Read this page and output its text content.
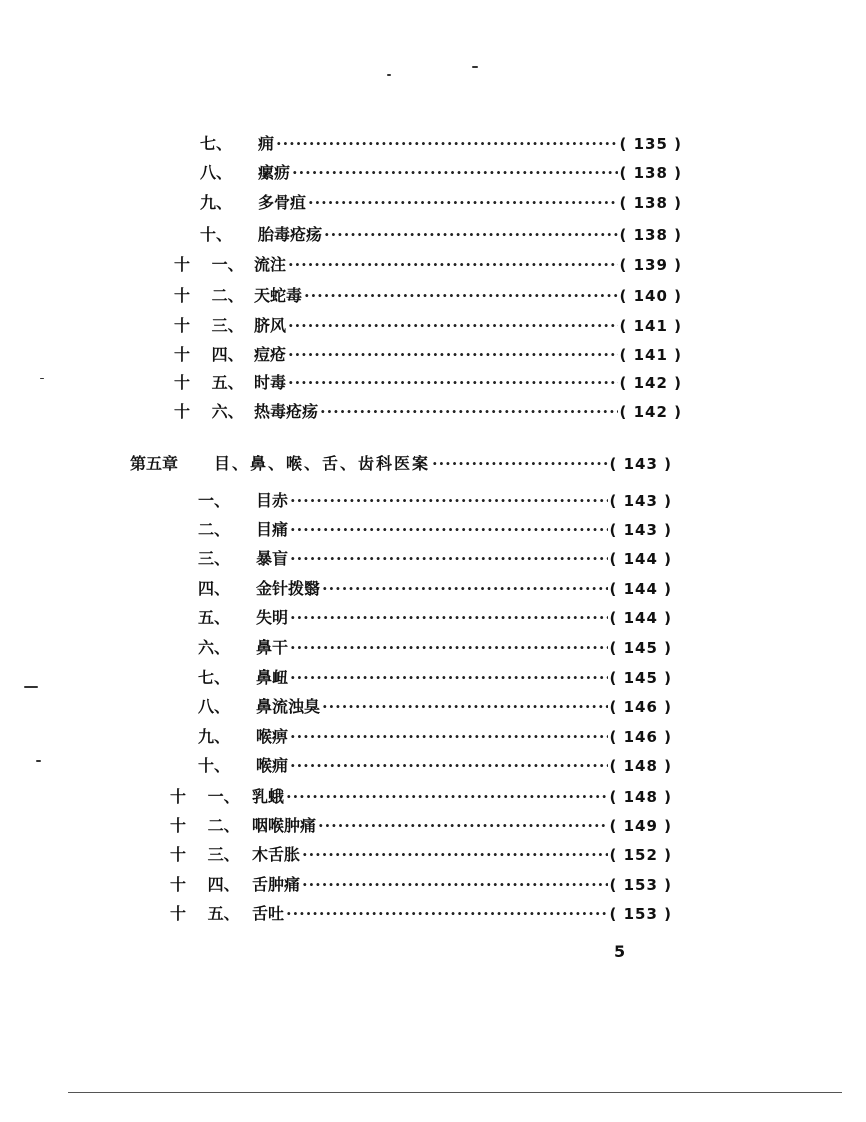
七、	痈 ·····	( 135 )
八、	瘰疬 ·····	( 138 )
九、	多骨疽 ·····	( 138 )
十、	胎毒疮疡 ·····	( 138 )
十 一、 流注 ·····	( 139 )
十 二、 天蛇毒 ·····	( 140 )
十 三、 脐风 ·····	( 141 )
十 四、 痘疮 ·····	( 141 )
十 五、 时毒 ·····	( 142 )
十 六、 热毒疮疡 ·····	( 142 )
第五章	目、鼻、喉、舌、齿科医案 ·····	( 143 )
一、	目赤 ·····	( 143 )
二、	目痛 ·····	( 143 )
三、	暴盲 ·····	( 144 )
四、	金针拨翳 ·····	( 144 )
五、	失明 ·····	( 144 )
六、	鼻干 ·····	( 145 )
七、	鼻衄 ·····	( 145 )
八、	鼻流浊臭 ·····	( 146 )
九、	喉痹 ·····	( 146 )
十、	喉痈 ·····	( 148 )
十 一、 乳蛾 ·····	( 148 )
十 二、 咽喉肿痛 ·····	( 149 )
十 三、 木舌胀 ·····	( 152 )
十 四、 舌肿痛 ·····	( 153 )
十 五、 舌吐 ·····	( 153 )
5
